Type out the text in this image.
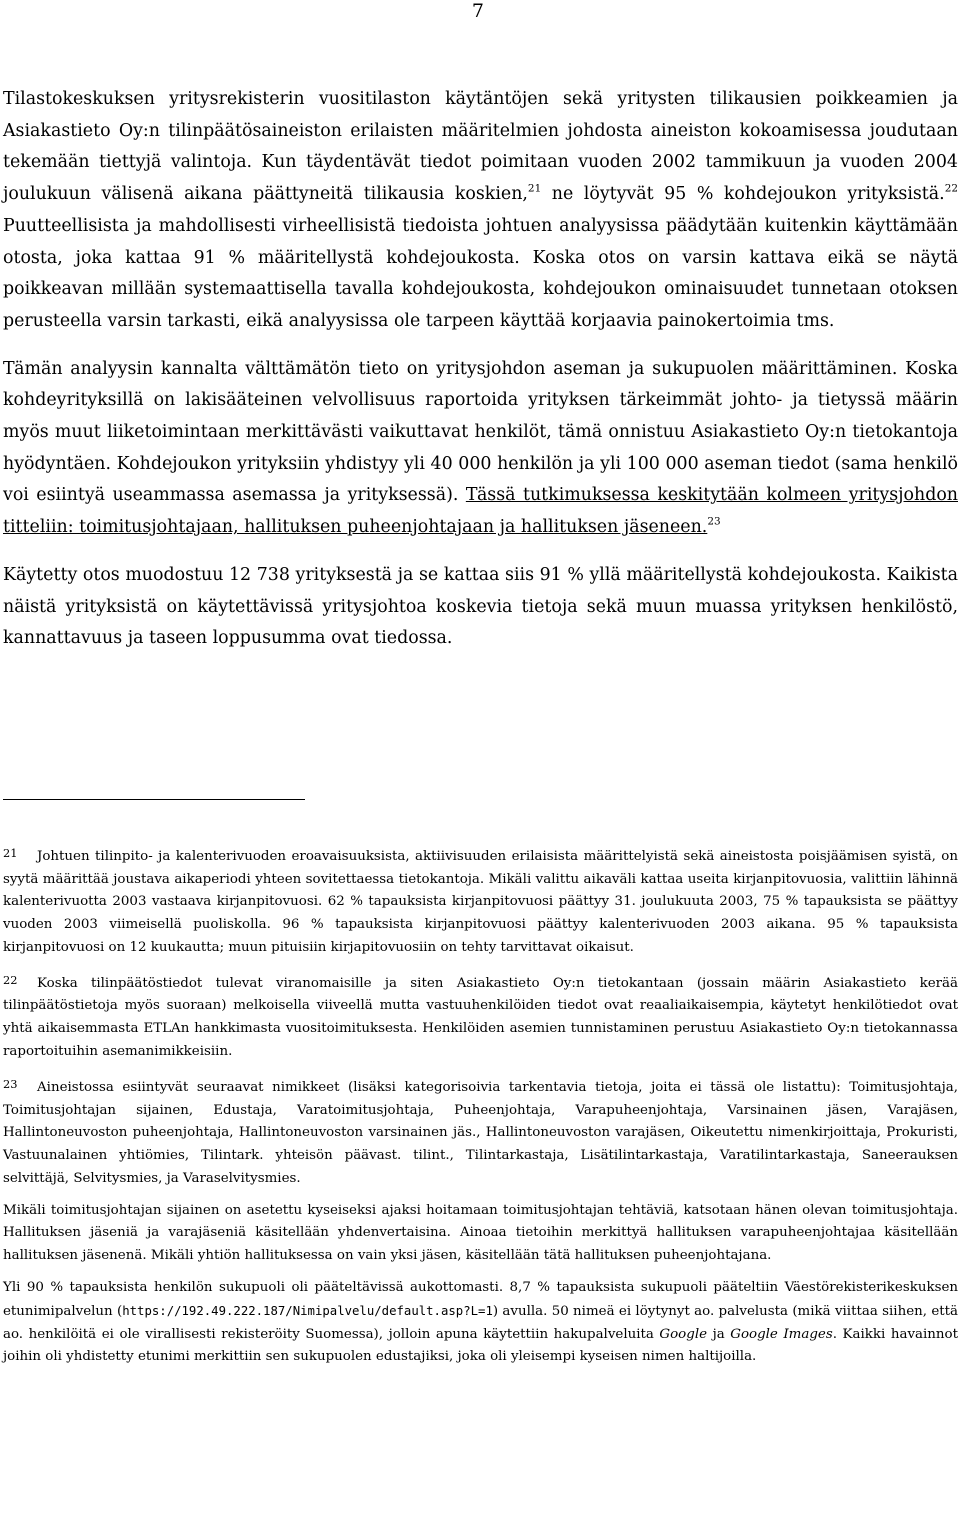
7

Tilastokeskuksen yritysrekisterin vuositilaston käytäntöjen sekä yritysten tilikausien poikkeamien ja Asiakastieto Oy:n tilinpäätösaineiston erilaisten määritelmien johdosta aineiston kokoamisessa joudutaan tekemään tiettyjä valintoja. Kun täydentävät tiedot poimitaan vuoden 2002 tammikuun ja vuoden 2004 joulukuun välisenä aikana päättyneitä tilikausia koskien,$^{21}$ ne löytyvät 95 % kohdejoukon yrityksistä.$^{22}$ Puutteellisista ja mahdollisesti virheellisistä tiedoista johtuen analyysissa päädytään kuitenkin käyttämään otosta, joka kattaa 91 % määritellystä kohdejoukosta. Koska otos on varsin kattava eikä se näytä poikkeavan millään systemaattisella tavalla kohdejoukosta, kohdejoukon ominaisuudet tunnetaan otoksen perusteella varsin tarkasti, eikä analyysissa ole tarpeen käyttää korjaavia painokertoimia tms.

Tämän analyysin kannalta välttämätön tieto on yritysjohdon aseman ja sukupuolen määrittäminen. Koska kohdeyrityksillä on lakisääteinen velvollisuus raportoida yrityksen tärkeimmät johto- ja tietyssä määrin myös muut liiketoimintaan merkittävästi vaikuttavat henkilöt, tämä onnistuu Asiakastieto Oy:n tietokantoja hyödyntäen. Kohdejoukon yrityksiin yhdistyy yli 40 000 henkilön ja yli 100 000 aseman tiedot (sama henkilö voi esiintyä useammassa asemassa ja yrityksessä). Tässä tutkimuksessa keskitytään kolmeen yritysjohdon titteliin: toimitusjohtajaan, hallituksen puheenjohtajaan ja hallituksen jäseneen.$^{23}$

Käytetty otos muodostuu 12 738 yrityksestä ja se kattaa siis 91 % yllä määritellystä kohdejoukosta. Kaikista näistä yrityksistä on käytettävissä yritysjohtoa koskevia tietoja sekä muun muassa yrityksen henkilöstö, kannattavuus ja taseen loppusumma ovat tiedossa.

21 Johtuen tilinpito- ja kalenterivuoden eroavaisuuksista, aktiivisuuden erilaisista määrittelyistä sekä aineistosta poisjäämisen syistä, on syytä määrittää joustava aikaperiodi yhteen sovitettaessa tietokantoja. Mikäli valittu aikaväli kattaa useita kirjanpitovuosia, valittiin lähinnä kalenterivuotta 2003 vastaava kirjanpitovuosi. 62 % tapauksista kirjanpitovuosi päättyy 31. joulukuuta 2003, 75 % tapauksista se päättyy vuoden 2003 viimeisellä puoliskolla. 96 % tapauksista kirjanpitovuosi päättyy kalenterivuoden 2003 aikana. 95 % tapauksista kirjanpitovuosi on 12 kuukautta; muun pituisiin kirjapitovuosiin on tehty tarvittavat oikaisut.

22 Koska tilinpäätöstiedot tulevat viranomaisille ja siten Asiakastieto Oy:n tietokantaan (jossain määrin Asiakastieto kerää tilinpäätöstietoja myös suoraan) melkoisella viiveellä mutta vastuuhenkilöiden tiedot ovat reaaliaikaisempia, käytetyt henkilötiedot ovat yhtä aikaisemmasta ETLAn hankkimasta vuositoimituksesta. Henkilöiden asemien tunnistaminen perustuu Asiakastieto Oy:n tietokannassa raportoituihin asemanimikkeisiin.

23 Aineistossa esiintyvät seuraavat nimikkeet (lisäksi kategorisoivia tarkentavia tietoja, joita ei tässä ole listattu): Toimitusjohtaja, Toimitusjohtajan sijainen, Edustaja, Varatoimitusjohtaja, Puheenjohtaja, Varapuheenjohtaja, Varsinainen jäsen, Varajäsen, Hallintoneuvoston puheenjohtaja, Hallintoneuvoston varsinainen jäs., Hallintoneuvoston varajäsen, Oikeutettu nimenkirjoittaja, Prokuristi, Vastuunalainen yhtiömies, Tilintark. yhteisön päävast. tilint., Tilintarkastaja, Lisätilintarkastaja, Varatilintarkastaja, Saneerauksen selvittäjä, Selvitysmies, ja Varaselvitysmies.

Mikäli toimitusjohtajan sijainen on asetettu kyseiseksi ajaksi hoitamaan toimitusjohtajan tehtäviä, katsotaan hänen olevan toimitusjohtaja. Hallituksen jäseniä ja varajäseniä käsitellään yhdenvertaisina. Ainoaa tietoihin merkittyä hallituksen varapuheenjohtajaa käsitellään hallituksen jäsenenä. Mikäli yhtiön hallituksessa on vain yksi jäsen, käsitellään tätä hallituksen puheenjohtajana.

Yli 90 % tapauksista henkilön sukupuoli oli pääteltävissä aukottomasti. 8,7 % tapauksista sukupuoli pääteltiin Väestörekisterikeskuksen etunimipalvelun (https://192.49.222.187/Nimipalvelu/default.asp?L=1) avulla. 50 nimeä ei löytynyt ao. palvelusta (mikä viittaa siihen, että ao. henkilöitä ei ole virallisesti rekisteröity Suomessa), jolloin apuna käytettiin hakupalveluita Google ja Google Images. Kaikki havainnot joihin oli yhdistetty etunimi merkittiin sen sukupuolen edustajiksi, joka oli yleisempi kyseisen nimen haltijoilla.
